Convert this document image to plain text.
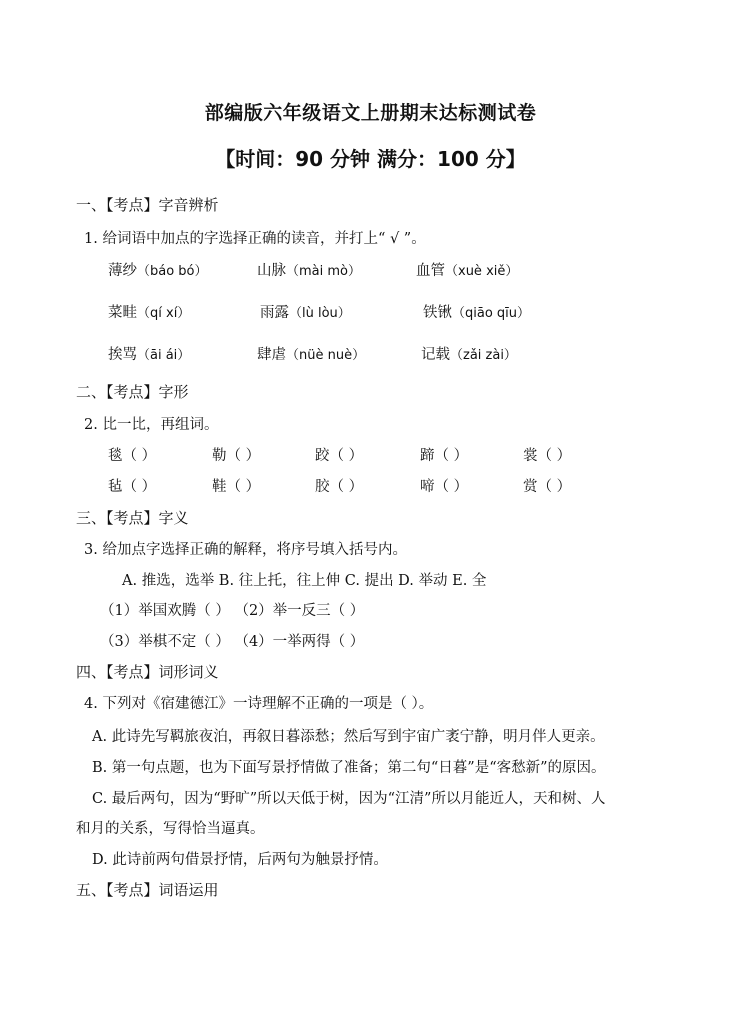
部编版六年级语文上册期末达标测试卷
【时间：90 分钟 满分：100 分】
一、【考点】字音辨析
1. 给词语中加点的字选择正确的读音，并打上“ √ ”。
薄纱（báo bó）	山脉（mài mò）	血管（xuè xiě）
菜畦（qí xí）	雨露（lù lòu）	铁锹（qiāo qīu）
挨骂（āi ái）	肆虐（nüè nuè）	记载（zǎi zài）
二、【考点】字形
2. 比一比，再组词。
毯（ ）	勒（ ）	跤（ ）	蹄（ ）	裳（ ）
毡（ ）	鞋（ ）	胶（ ）	啼（ ）	赏（ ）
三、【考点】字义
3. 给加点字选择正确的解释，将序号填入括号内。
A. 推选，选举 B. 往上托，往上伸 C. 提出 D. 举动 E. 全
（1）举国欢腾（ ） （2）举一反三（ ）
（3）举棋不定（ ） （4）一举两得（ ）
四、【考点】词形词义
4. 下列对《宿建德江》一诗理解不正确的一项是（ ）。
A. 此诗先写羁旅夜泊，再叙日暮添愁；然后写到宇宙广袤宁静，明月伴人更亲。
B. 第一句点题，也为下面写景抒情做了准备；第二句“日暮”是“客愁新”的原因。
C. 最后两句，因为“野旷”所以天低于树，因为“江清”所以月能近人，天和树、人
和月的关系，写得恰当逼真。
D. 此诗前两句借景抒情，后两句为触景抒情。
五、【考点】词语运用
